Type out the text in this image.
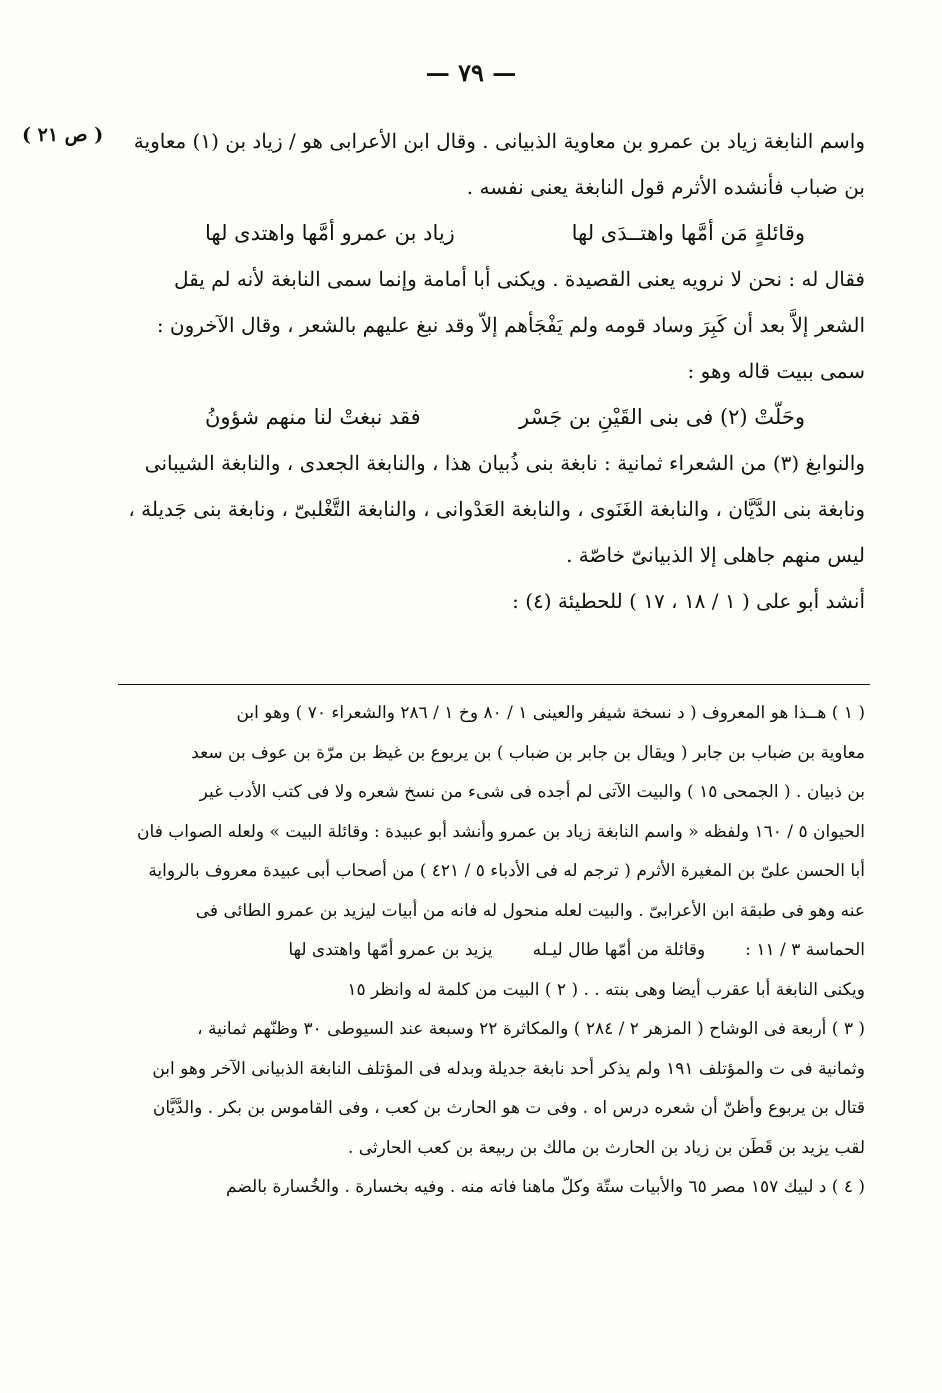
— ٧٩ —
( ص ٢١ )	واسم النابغة زياد بن عمرو بن معاوية الذبيانى . وقال ابن الأعرابى هو / زياد بن (١) معاوية
بن ضباب فأنشده الأثرم قول النابغة يعنى نفسه .
وقائلةٍ مَن أمَّها واهتــدَى لها
زياد بن عمرو أمَّها واهتدى لها
فقال له : نحن لا نرويه يعنى القصيدة . ويكنى أبا أمامة وإنما سمى النابغة لأنه لم يقل
الشعر إلاَّ بعد أن كَبِرَ وساد قومه ولم يَفْجَأهم إلاّ وقد نبغ عليهم بالشعر ، وقال الآخرون :
سمى ببيت قاله وهو :
وحَلّتْ (٢) فى بنى القَيْنِ بن جَسْر
فقد نبغتْ لنا منهم شؤونُ
والنوابغ (٣) من الشعراء ثمانية : نابغة بنى ذُبيان هذا ، والنابغة الجعدى ، والنابغة الشيبانى
ونابغة بنى الدَّيَّان ، والنابغة الغَنَوى ، والنابغة العَدْوانى ، والنابغة التَّغْلبىّ ، ونابغة بنى جَديلة ،
ليس منهم جاهلى إلا الذبيانىّ خاصّة .
أنشد أبو على ( ١ / ١٨ ، ١٧ ) للحطيئة (٤) :
( ١ ) هــذا هو المعروف ( د نسخة شيفر والعينى ١ / ٨٠ وخ ١ / ٢٨٦ والشعراء ٧٠ ) وهو ابن
معاوية بن ضباب بن جابر ( ويقال بن جابر بن ضباب ) بن يربوع بن غيظ بن مرّة بن عوف بن سعد
بن ذبيان . ( الجمحى ١٥ ) والبيت الآتى لم أجده فى شىء من نسخ شعره ولا فى كتب الأدب غير
الحيوان ٥ / ١٦٠ ولفظه « واسم النابغة زياد بن عمرو وأنشد أبو عبيدة : وقائلة البيت » ولعله الصواب فان
أبا الحسن علىّ بن المغيرة الأثرم ( ترجم له فى الأدباء ٥ / ٤٢١ ) من أصحاب أبى عبيدة معروف بالرواية
عنه وهو فى طبقة ابن الأعرابىّ . والبيت لعله منحول له فانه من أبيات ليزيد بن عمرو الطائى فى
الحماسة ٣ / ١١ :
وقائلة من أمّها طال ليـله
يزيد بن عمرو أمّها واهتدى لها
ويكنى النابغة أبا عقرب أيضا وهى بنته . . ( ٢ ) البيت من كلمة له وانظر ١٥
( ٣ ) أربعة فى الوشاح ( المزهر ٢ / ٢٨٤ ) والمكاثرة ٢٢ وسبعة عند السيوطى ٣٠ وظنّهم ثمانية ،
وثمانية فى ت والمؤتلف ١٩١ ولم يذكر أحد نابغة جديلة وبدله فى المؤتلف النابغة الذبيانى الآخر وهو ابن
قتال بن يربوع وأظنّ أن شعره درس اه . وفى ت هو الحارث بن كعب ، وفى القاموس بن بكر . والدَّيَّان
لقب يزيد بن قَطَن بن زياد بن الحارث بن مالك بن ربيعة بن كعب الحارثى .
( ٤ ) د لبيك ١٥٧ مصر ٦٥ والأبيات ستّة وكلّ ماهنا فاته منه . وفيه بخسارة . والخُسارة بالضم
